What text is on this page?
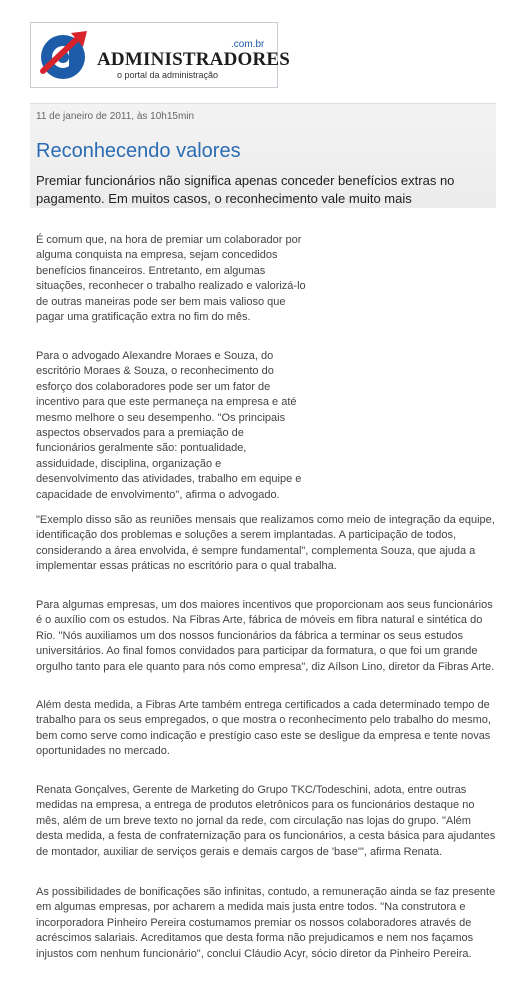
.com.br
ADMINISTRADORES
o portal da administração
11 de janeiro de 2011, às 10h15min
Reconhecendo valores

Premiar funcionários não significa apenas conceder benefícios extras no pagamento. Em muitos casos, o reconhecimento vale muito mais

É comum que, na hora de premiar um colaborador por alguma conquista na empresa, sejam concedidos benefícios financeiros. Entretanto, em algumas situações, reconhecer o trabalho realizado e valorizá-lo de outras maneiras pode ser bem mais valioso que pagar uma gratificação extra no fim do mês.

Para o advogado Alexandre Moraes e Souza, do escritório Moraes & Souza, o reconhecimento do esforço dos colaboradores pode ser um fator de incentivo para que este permaneça na empresa e até mesmo melhore o seu desempenho. "Os principais aspectos observados para a premiação de funcionários geralmente são: pontualidade, assiduidade, disciplina, organização e desenvolvimento das atividades, trabalho em equipe e capacidade de envolvimento", afirma o advogado.

"Exemplo disso são as reuniões mensais que realizamos como meio de integração da equipe, identificação dos problemas e soluções a serem implantadas. A participação de todos, considerando a área envolvida, é sempre fundamental", complementa Souza, que ajuda a implementar essas práticas no escritório para o qual trabalha.

Para algumas empresas, um dos maiores incentivos que proporcionam aos seus funcionários é o auxílio com os estudos. Na Fibras Arte, fábrica de móveis em fibra natural e sintética do Rio. "Nós auxiliamos um dos nossos funcionários da fábrica a terminar os seus estudos universitários. Ao final fomos convidados para participar da formatura, o que foi um grande orgulho tanto para ele quanto para nós como empresa", diz Aílson Lino, diretor da Fibras Arte.

Além desta medida, a Fibras Arte também entrega certificados a cada determinado tempo de trabalho para os seus empregados, o que mostra o reconhecimento pelo trabalho do mesmo, bem como serve como indicação e prestígio caso este se desligue da empresa e tente novas oportunidades no mercado.

Renata Gonçalves, Gerente de Marketing do Grupo TKC/Todeschini, adota, entre outras medidas na empresa, a entrega de produtos eletrônicos para os funcionários destaque no mês, além de um breve texto no jornal da rede, com circulação nas lojas do grupo. "Além desta medida, a festa de confraternização para os funcionários, a cesta básica para ajudantes de montador, auxiliar de serviços gerais e demais cargos de 'base'", afirma Renata.

As possibilidades de bonificações são infinitas, contudo, a remuneração ainda se faz presente em algumas empresas, por acharem a medida mais justa entre todos. "Na construtora e incorporadora Pinheiro Pereira costumamos premiar os nossos colaboradores através de acréscimos salariais. Acreditamos que desta forma não prejudicamos e nem nos façamos injustos com nenhum funcionário", conclui Cláudio Acyr, sócio diretor da Pinheiro Pereira.
